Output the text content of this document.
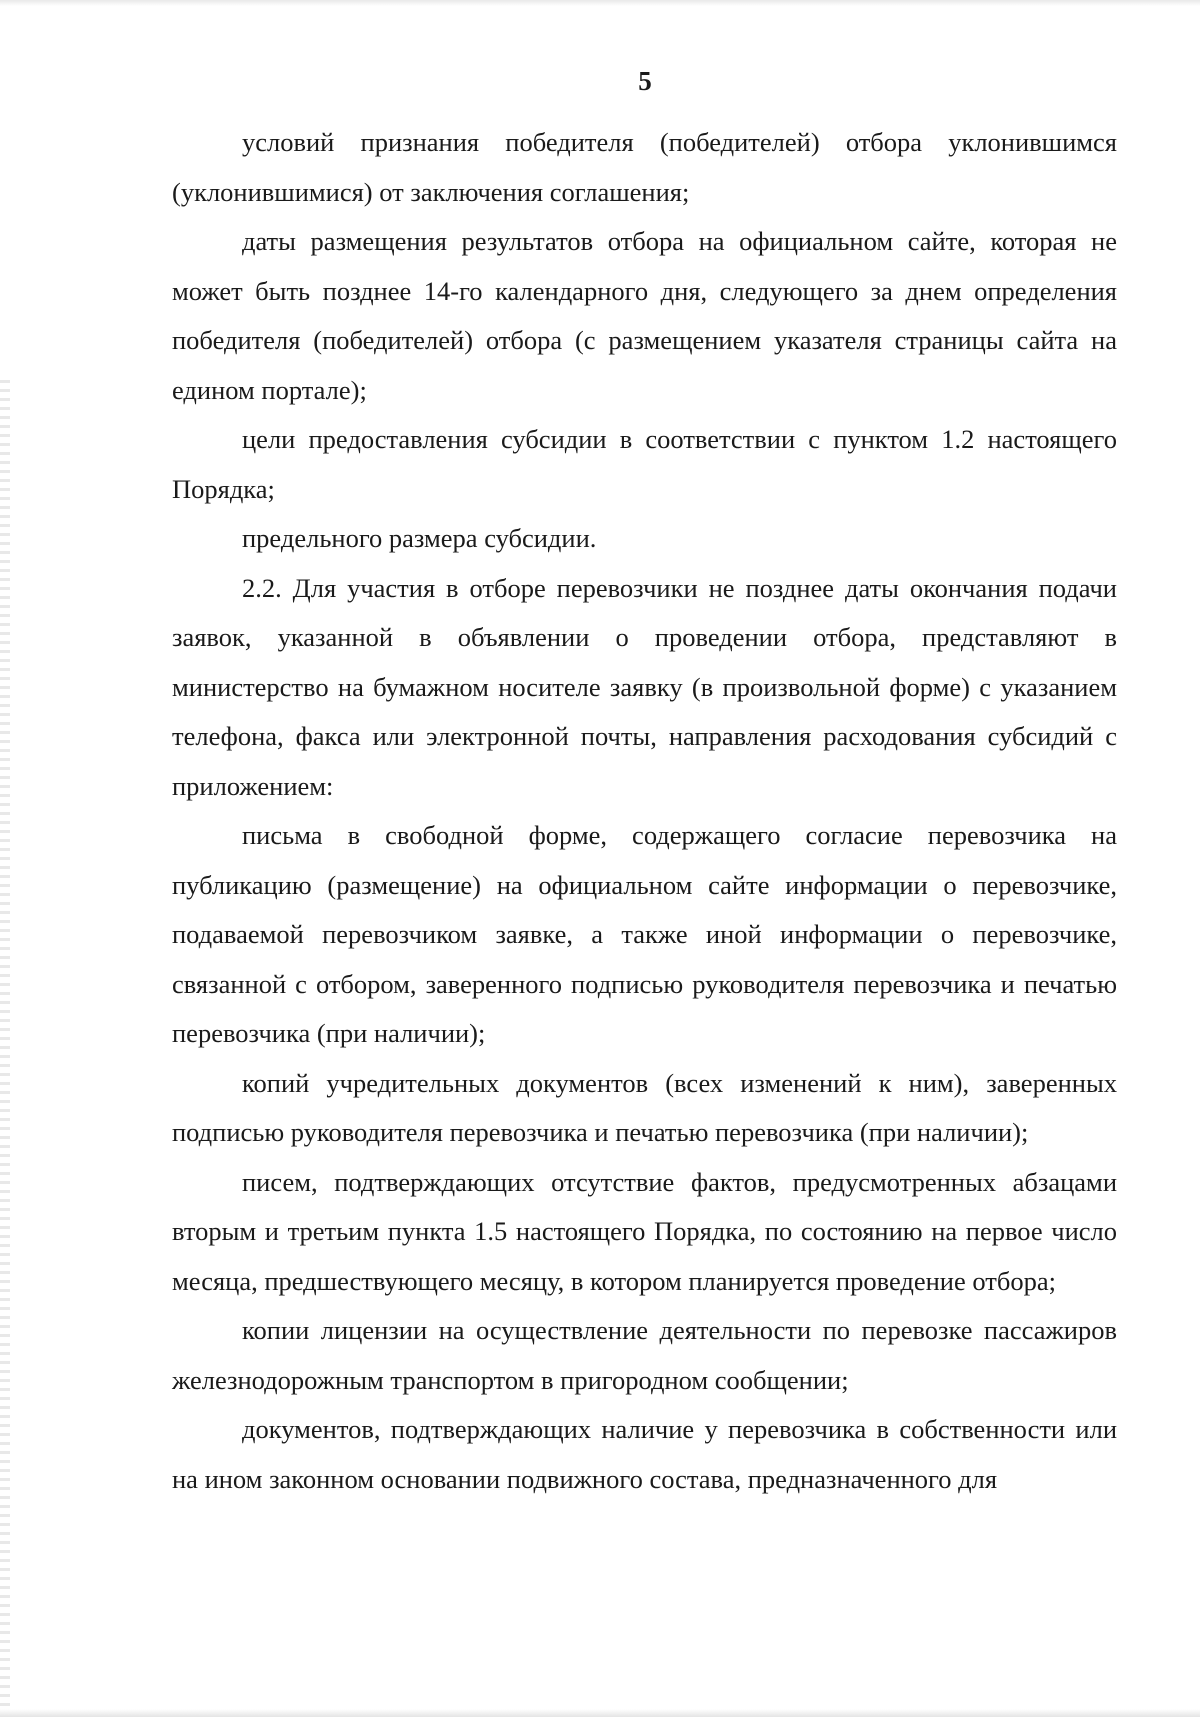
5

условий признания победителя (победителей) отбора уклонившимся (уклонившимися) от заключения соглашения;

даты размещения результатов отбора на официальном сайте, которая не может быть позднее 14-го календарного дня, следующего за днем определения победителя (победителей) отбора (с размещением указателя страницы сайта на едином портале);

цели предоставления субсидии в соответствии с пунктом 1.2 настоящего Порядка;

предельного размера субсидии.

2.2. Для участия в отборе перевозчики не позднее даты окончания подачи заявок, указанной в объявлении о проведении отбора, представляют в министерство на бумажном носителе заявку (в произвольной форме) с указанием телефона, факса или электронной почты, направления расходования субсидий с приложением:

письма в свободной форме, содержащего согласие перевозчика на публикацию (размещение) на официальном сайте информации о перевозчике, подаваемой перевозчиком заявке, а также иной информации о перевозчике, связанной с отбором, заверенного подписью руководителя перевозчика и печатью перевозчика (при наличии);

копий учредительных документов (всех изменений к ним), заверенных подписью руководителя перевозчика и печатью перевозчика (при наличии);

писем, подтверждающих отсутствие фактов, предусмотренных абзацами вторым и третьим пункта 1.5 настоящего Порядка, по состоянию на первое число месяца, предшествующего месяцу, в котором планируется проведение отбора;

копии лицензии на осуществление деятельности по перевозке пассажиров железнодорожным транспортом в пригородном сообщении;

документов, подтверждающих наличие у перевозчика в собственности или на ином законном основании подвижного состава, предназначенного для
